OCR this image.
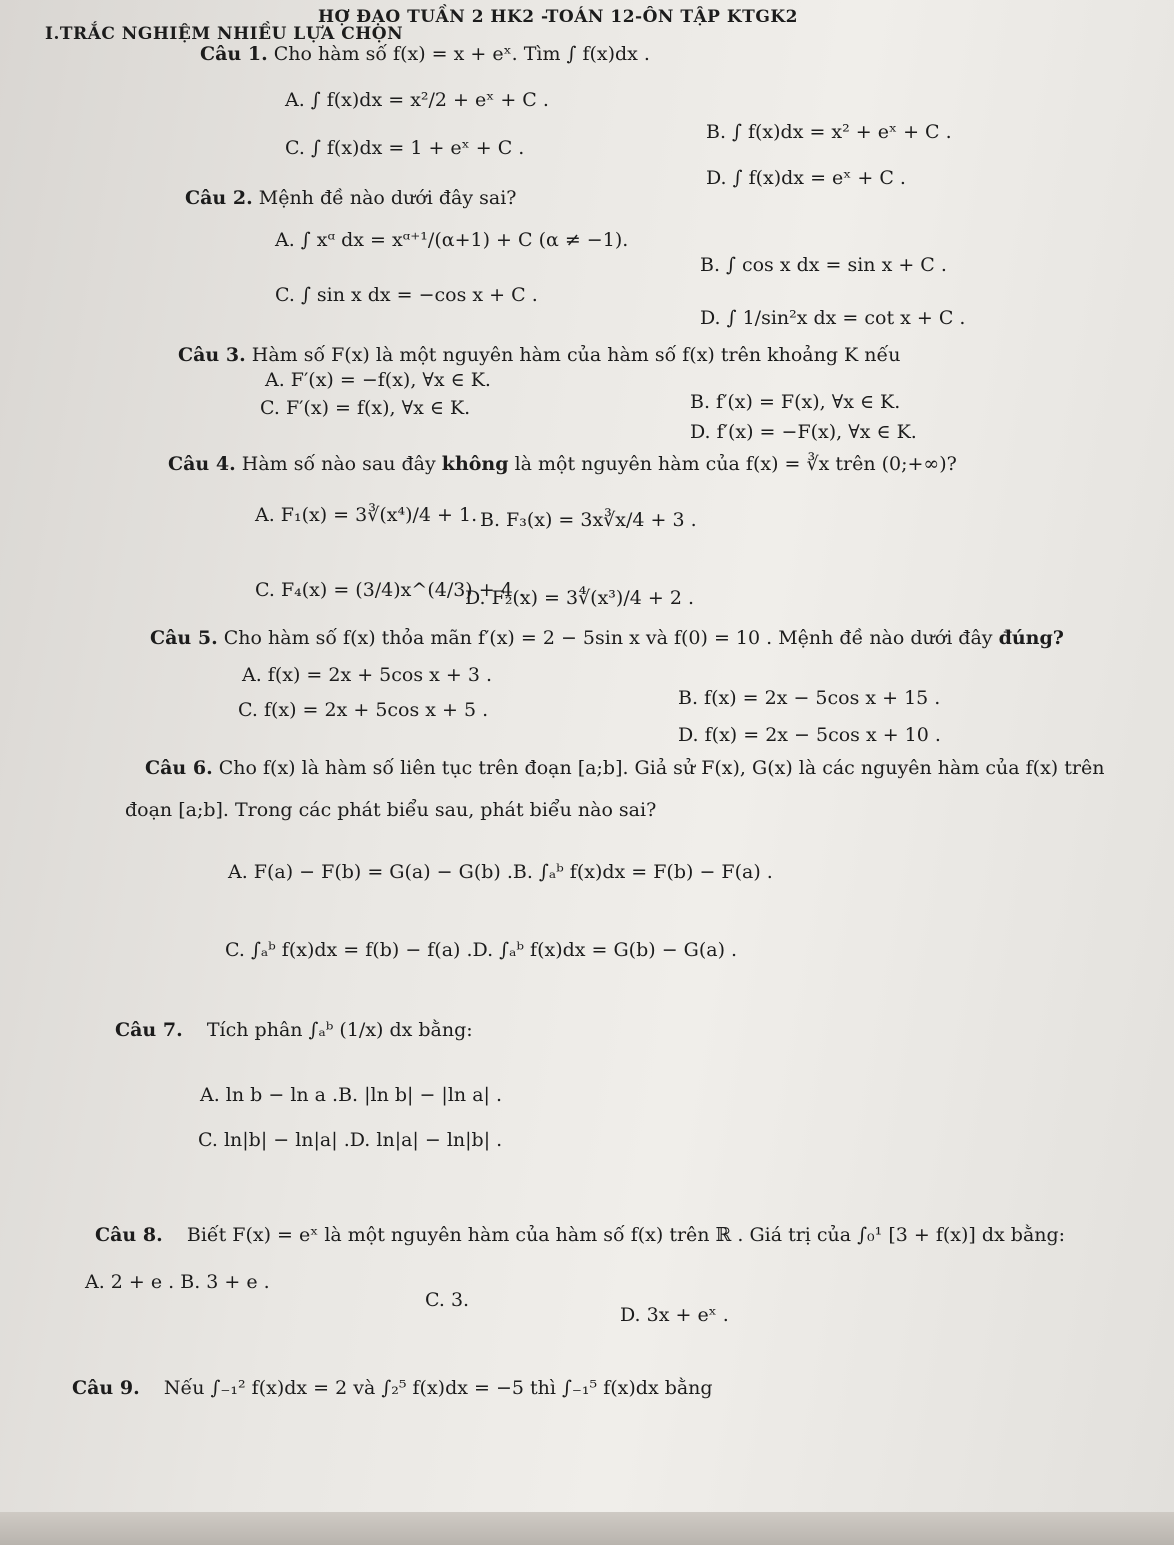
HỢ ĐẠO TUẦN 2 HK2 -TOÁN 12-ÔN TẬP KTGK2
I.TRẮC NGHIỆM NHIỀU LỰA CHỌN
Câu 1. Cho hàm số f(x) = x + eˣ. Tìm ∫ f(x)dx .
A. ∫ f(x)dx = x²/2 + eˣ + C .
C. ∫ f(x)dx = 1 + eˣ + C .
B. ∫ f(x)dx = x² + eˣ + C .
D. ∫ f(x)dx = eˣ + C .
Câu 2. Mệnh đề nào dưới đây sai?
A. ∫ xᵅ dx = xᵅ⁺¹/(α+1) + C (α ≠ −1).
B. ∫ cos x dx = sin x + C .
C. ∫ sin x dx = −cos x + C .
D. ∫ 1/sin²x dx = cot x + C .
Câu 3. Hàm số F(x) là một nguyên hàm của hàm số f(x) trên khoảng K nếu
A. F′(x) = −f(x), ∀x ∈ K.
B. f′(x) = F(x), ∀x ∈ K.
C. F′(x) = f(x), ∀x ∈ K.
D. f′(x) = −F(x), ∀x ∈ K.
Câu 4. Hàm số nào sau đây không là một nguyên hàm của f(x) = ∛x trên (0;+∞)?
A. F₁(x) = 3∛(x⁴)/4 + 1. B. F₃(x) = 3x∛x/4 + 3 .
C. F₄(x) = (3/4)x^(4/3) + 4 .
D. F₂(x) = 3∜(x³)/4 + 2 .
Câu 5. Cho hàm số f(x) thỏa mãn f′(x) = 2 − 5sin x và f(0) = 10 . Mệnh đề nào dưới đây đúng?
A. f(x) = 2x + 5cos x + 3 .
B. f(x) = 2x − 5cos x + 15 .
C. f(x) = 2x + 5cos x + 5 .
D. f(x) = 2x − 5cos x + 10 .
Câu 6. Cho f(x) là hàm số liên tục trên đoạn [a;b]. Giả sử F(x), G(x) là các nguyên hàm của f(x) trên
đoạn [a;b]. Trong các phát biểu sau, phát biểu nào sai?
A. F(a) − F(b) = G(a) − G(b) .B. ∫ₐᵇ f(x)dx = F(b) − F(a) .
C. ∫ₐᵇ f(x)dx = f(b) − f(a) .D. ∫ₐᵇ f(x)dx = G(b) − G(a) .
Câu 7. Tích phân ∫ₐᵇ (1/x) dx bằng:
A. ln b − ln a .B. |ln b| − |ln a| .
C. ln|b| − ln|a| .D. ln|a| − ln|b| .
Câu 8. Biết F(x) = eˣ là một nguyên hàm của hàm số f(x) trên ℝ . Giá trị của ∫₀¹ [3 + f(x)] dx bằng:
A. 2 + e . B. 3 + e .
C. 3.
D. 3x + eˣ .
Câu 9. Nếu ∫₋₁² f(x)dx = 2 và ∫₂⁵ f(x)dx = −5 thì ∫₋₁⁵ f(x)dx bằng
